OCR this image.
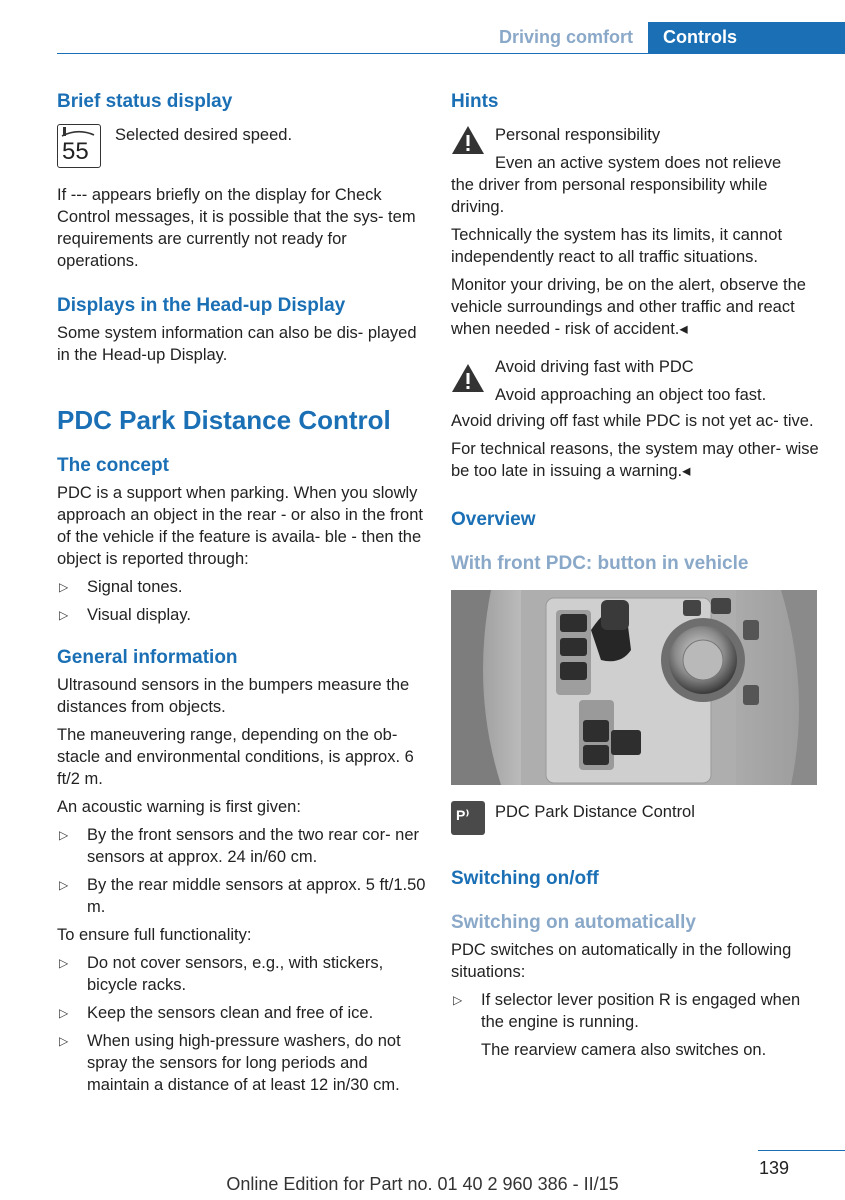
Driving comfort	Controls
Brief status display
55

Selected desired speed.

If --- appears briefly on the display for Check Control messages, it is possible that the sys‐ tem requirements are currently not ready for operations.

Displays in the Head-up Display

Some system information can also be dis‐ played in the Head-up Display.

PDC Park Distance Control
The concept

PDC is a support when parking. When you slowly approach an object in the rear - or also in the front of the vehicle if the feature is availa‐ ble - then the object is reported through:

▷ Signal tones.
▷ Visual display.
General information

Ultrasound sensors in the bumpers measure the distances from objects.

The maneuvering range, depending on the ob‐ stacle and environmental conditions, is approx. 6 ft/2 m.

An acoustic warning is first given:

▷ By the front sensors and the two rear cor‐ ner sensors at approx. 24 in/60 cm.
▷ By the rear middle sensors at approx. 5 ft/1.50 m.

To ensure full functionality:

▷ Do not cover sensors, e.g., with stickers, bicycle racks.
▷ Keep the sensors clean and free of ice.
▷ When using high-pressure washers, do not spray the sensors for long periods and maintain a distance of at least 12 in/30 cm.
Hints

Personal responsibility

Even an active system does not relieve

the driver from personal responsibility while driving.

Technically the system has its limits, it cannot independently react to all traffic situations.

Monitor your driving, be on the alert, observe the vehicle surroundings and other traffic and react when needed - risk of accident.◂

Avoid driving fast with PDC

Avoid approaching an object too fast.

Avoid driving off fast while PDC is not yet ac‐ tive.

For technical reasons, the system may other‐ wise be too late in issuing a warning.◂

Overview
With front PDC: button in vehicle
P⁾	PDC Park Distance Control

Switching on/off
Switching on automatically

PDC switches on automatically in the following situations:

▷ If selector lever position R is engaged when the engine is running.

The rearview camera also switches on.

139
Online Edition for Part no. 01 40 2 960 386 - II/15
